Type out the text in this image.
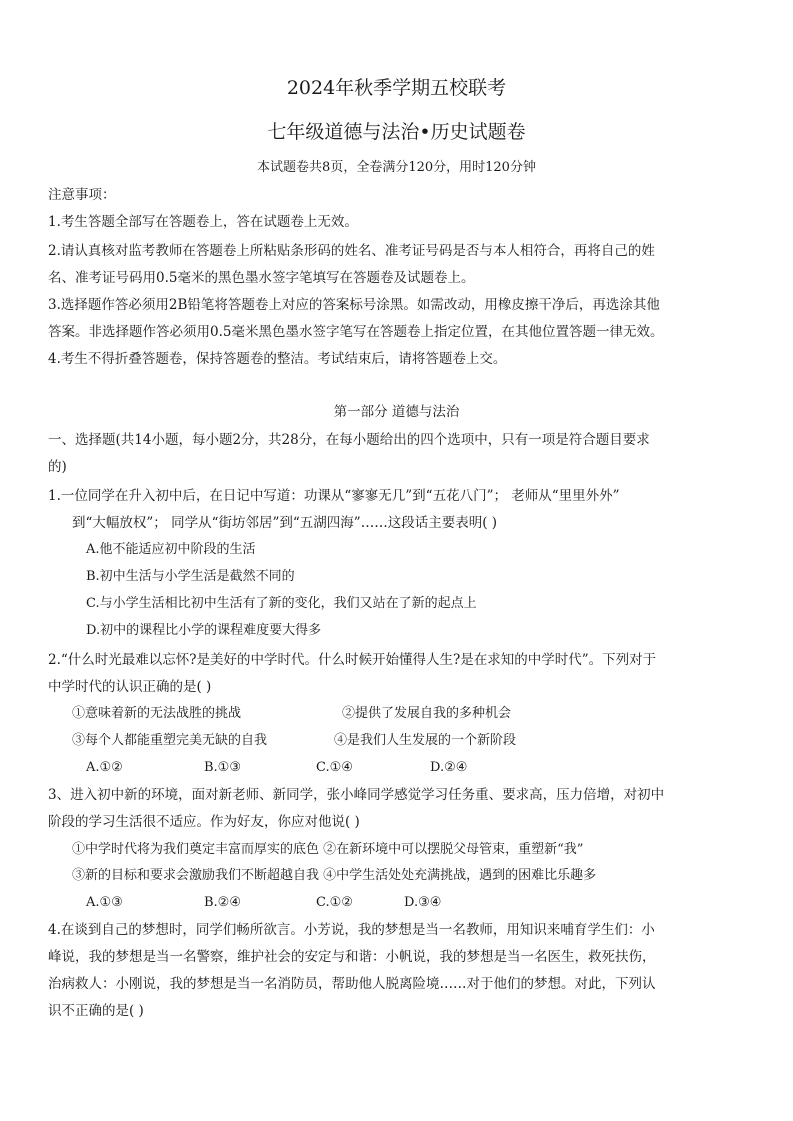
2024年秋季学期五校联考
七年级道德与法治•历史试题卷
本试题卷共8页，全卷满分120分，用时120分钟
注意事项：
1.考生答题全部写在答题卷上，答在试题卷上无效。
2.请认真核对监考教师在答题卷上所粘贴条形码的姓名、准考证号码是否与本人相符合，再将自己的姓
名、准考证号码用0.5毫米的黑色墨水签字笔填写在答题卷及试题卷上。
3.选择题作答必须用2B铅笔将答题卷上对应的答案标号涂黑。如需改动，用橡皮擦干净后，再选涂其他
答案。非选择题作答必须用0.5毫米黑色墨水签字笔写在答题卷上指定位置，在其他位置答题一律无效。
4.考生不得折叠答题卷，保持答题卷的整洁。考试结束后，请将答题卷上交。
第一部分 道德与法治
一、选择题(共14小题，每小题2分，共28分，在每小题给出的四个选项中，只有一项是符合题目要求
的)
1.一位同学在升入初中后，在日记中写道：功课从“寥寥无几”到“五花八门”； 老师从“里里外外”
到“大幅放权”； 同学从“街坊邻居”到“五湖四海”……这段话主要表明( )
A.他不能适应初中阶段的生活
B.初中生活与小学生活是截然不同的
C.与小学生活相比初中生活有了新的变化，我们又站在了新的起点上
D.初中的课程比小学的课程难度要大得多
2.“什么时光最难以忘怀?是美好的中学时代。什么时候开始懂得人生?是在求知的中学时代”。下列对于
中学时代的认识正确的是( )
①意味着新的无法战胜的挑战	②提供了发展自我的多种机会
③每个人都能重塑完美无缺的自我	④是我们人生发展的一个新阶段
A.①②	B.①③	C.①④	D.②④
3、进入初中新的环境，面对新老师、新同学，张小峰同学感觉学习任务重、要求高，压力倍增，对初中
阶段的学习生活很不适应。作为好友，你应对他说( )
①中学时代将为我们奠定丰富而厚实的底色 ②在新环境中可以摆脱父母管束，重塑新“我”
③新的目标和要求会激励我们不断超越自我 ④中学生活处处充满挑战，遇到的困难比乐趣多
A.①③	B.②④	C.①②	D.③④
4.在谈到自己的梦想时，同学们畅所欲言。小芳说，我的梦想是当一名教师，用知识来哺育学生们：小
峰说，我的梦想是当一名警察，维护社会的安定与和谐：小帆说，我的梦想是当一名医生，救死扶伤，
治病救人：小刚说，我的梦想是当一名消防员，帮助他人脱离险境……对于他们的梦想。对此，下列认
识不正确的是( )
